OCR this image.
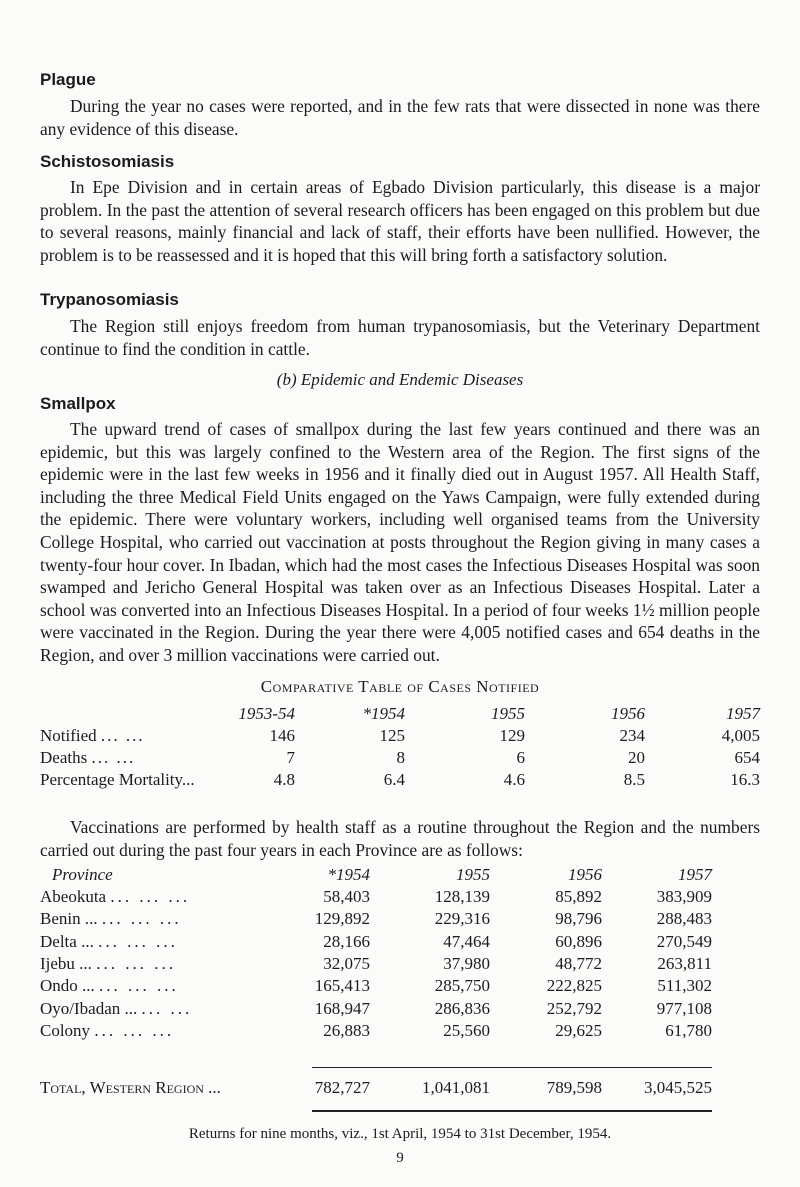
Plague

During the year no cases were reported, and in the few rats that were dissected in none was there any evidence of this disease.

Schistosomiasis

In Epe Division and in certain areas of Egbado Division particularly, this disease is a major problem. In the past the attention of several research officers has been engaged on this problem but due to several reasons, mainly financial and lack of staff, their efforts have been nullified. However, the problem is to be reassessed and it is hoped that this will bring forth a satisfactory solution.

Trypanosomiasis

The Region still enjoys freedom from human trypanosomiasis, but the Veterinary Department continue to find the condition in cattle.

(b) Epidemic and Endemic Diseases

Smallpox

The upward trend of cases of smallpox during the last few years continued and there was an epidemic, but this was largely confined to the Western area of the Region. The first signs of the epidemic were in the last few weeks in 1956 and it finally died out in August 1957. All Health Staff, including the three Medical Field Units engaged on the Yaws Campaign, were fully extended during the epidemic. There were voluntary workers, including well organised teams from the University College Hospital, who carried out vaccination at posts throughout the Region giving in many cases a twenty-four hour cover. In Ibadan, which had the most cases the Infectious Diseases Hospital was soon swamped and Jericho General Hospital was taken over as an Infectious Diseases Hospital. Later a school was converted into an Infectious Diseases Hospital. In a period of four weeks 1½ million people were vaccinated in the Region. During the year there were 4,005 notified cases and 654 deaths in the Region, and over 3 million vaccinations were carried out.

Comparative Table of Cases Notified

	1953-54	*1954	1955	1956	1957
Notified ... ...	146	125	129	234	4,005
Deaths ... ...	7	8	6	20	654
Percentage Mortality...	4.8	6.4	4.6	8.5	16.3

Vaccinations are performed by health staff as a routine throughout the Region and the numbers carried out during the past four years in each Province are as follows:

Province	*1954	1955	1956	1957
Abeokuta ... ... ...	58,403	128,139	85,892	383,909
Benin ... ... ... ...	129,892	229,316	98,796	288,483
Delta ... ... ... ...	28,166	47,464	60,896	270,549
Ijebu ... ... ... ...	32,075	37,980	48,772	263,811
Ondo ... ... ... ...	165,413	285,750	222,825	511,302
Oyo/Ibadan ... ... ...	168,947	286,836	252,792	977,108
Colony ... ... ...	26,883	25,560	29,625	61,780
Total, Western Region ...	782,727	1,041,081	789,598	3,045,525

Returns for nine months, viz., 1st April, 1954 to 31st December, 1954.

9
